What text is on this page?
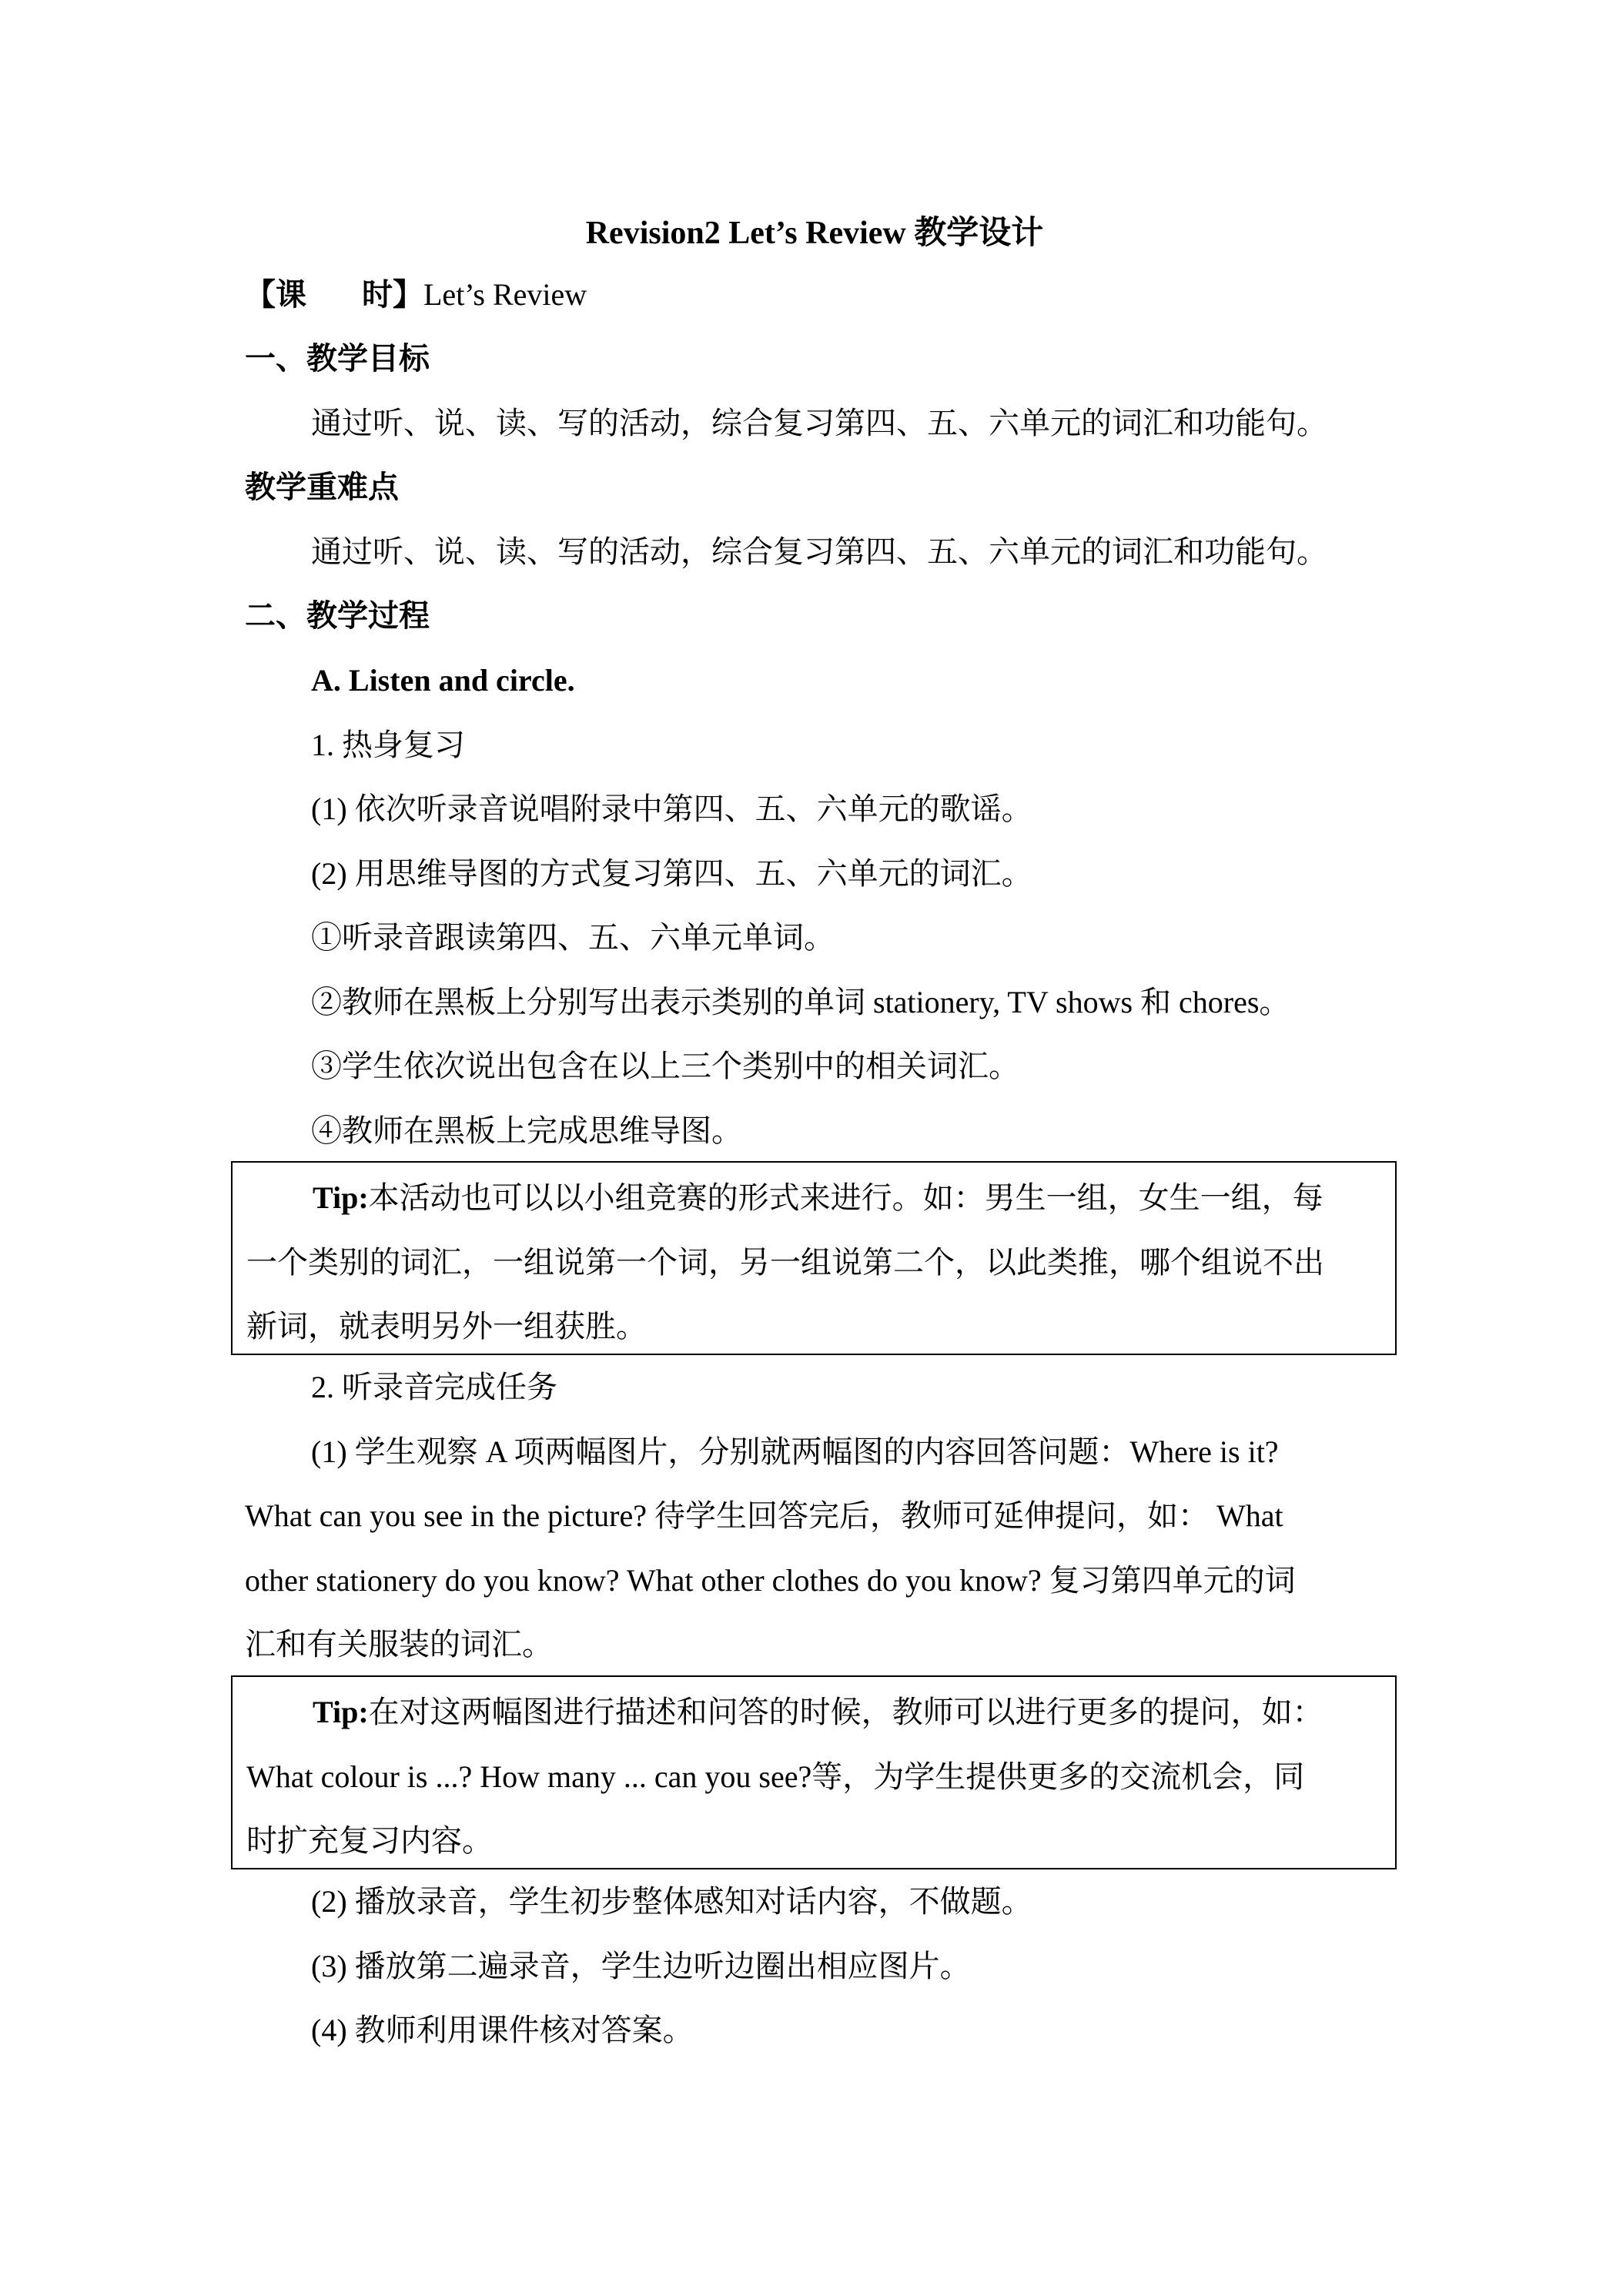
Revision2 Let’s Review 教学设计
【课 时】Let’s Review
一、教学目标
通过听、说、读、写的活动，综合复习第四、五、六单元的词汇和功能句。
教学重难点
通过听、说、读、写的活动，综合复习第四、五、六单元的词汇和功能句。
二、教学过程
A. Listen and circle.
1. 热身复习
(1) 依次听录音说唱附录中第四、五、六单元的歌谣。
(2) 用思维导图的方式复习第四、五、六单元的词汇。
①听录音跟读第四、五、六单元单词。
②教师在黑板上分别写出表示类别的单词 stationery, TV shows 和 chores。
③学生依次说出包含在以上三个类别中的相关词汇。
④教师在黑板上完成思维导图。
Tip:本活动也可以以小组竞赛的形式来进行。如：男生一组，女生一组，每
一个类别的词汇，一组说第一个词，另一组说第二个，以此类推，哪个组说不出
新词，就表明另外一组获胜。
2. 听录音完成任务
(1) 学生观察 A 项两幅图片，分别就两幅图的内容回答问题：Where is it?
What can you see in the picture? 待学生回答完后，教师可延伸提问，如： What
other stationery do you know? What other clothes do you know? 复习第四单元的词
汇和有关服装的词汇。
Tip:在对这两幅图进行描述和问答的时候，教师可以进行更多的提问，如：
What colour is ...? How many ... can you see?等，为学生提供更多的交流机会，同
时扩充复习内容。
(2) 播放录音，学生初步整体感知对话内容，不做题。
(3) 播放第二遍录音，学生边听边圈出相应图片。
(4) 教师利用课件核对答案。
